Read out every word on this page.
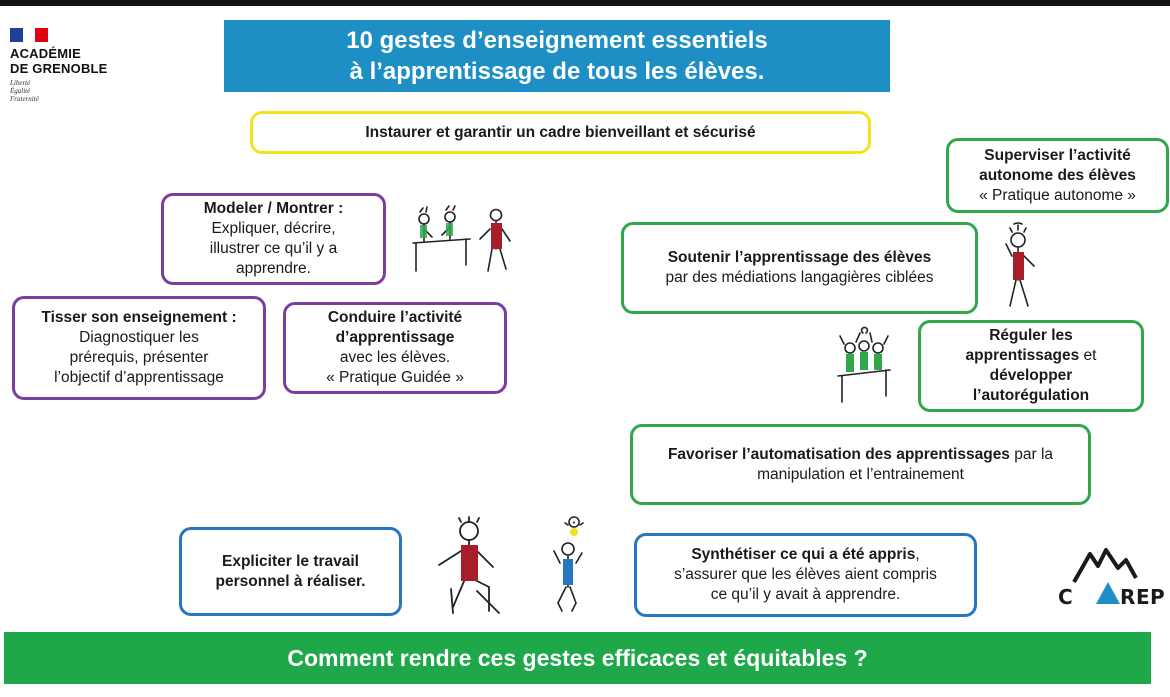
ACADÉMIE
DE GRENOBLE
Liberté
Égalité
Fraternité
10 gestes d’enseignement essentiels
à l’apprentissage de tous les élèves.
Instaurer et garantir un cadre bienveillant et sécurisé
Modeler / Montrer :
Expliquer, décrire,
illustrer ce qu’il y a
apprendre.
Tisser son enseignement :
Diagnostiquer les
prérequis, présenter
l’objectif d’apprentissage
Conduire l’activité
d’apprentissage
avec les élèves.
« Pratique Guidée »
Superviser l’activité
autonome des élèves
« Pratique autonome »
Soutenir l’apprentissage des élèves
par des médiations langagières ciblées
Réguler les
apprentissages et
développer
l’autorégulation
Favoriser l’automatisation des apprentissages par la
manipulation et l’entrainement
Expliciter le travail
personnel à réaliser.
Synthétiser ce qui a été appris,
s’assurer que les élèves aient compris
ce qu’il y avait à apprendre.	C REP
Comment rendre ces gestes efficaces et équitables ?
